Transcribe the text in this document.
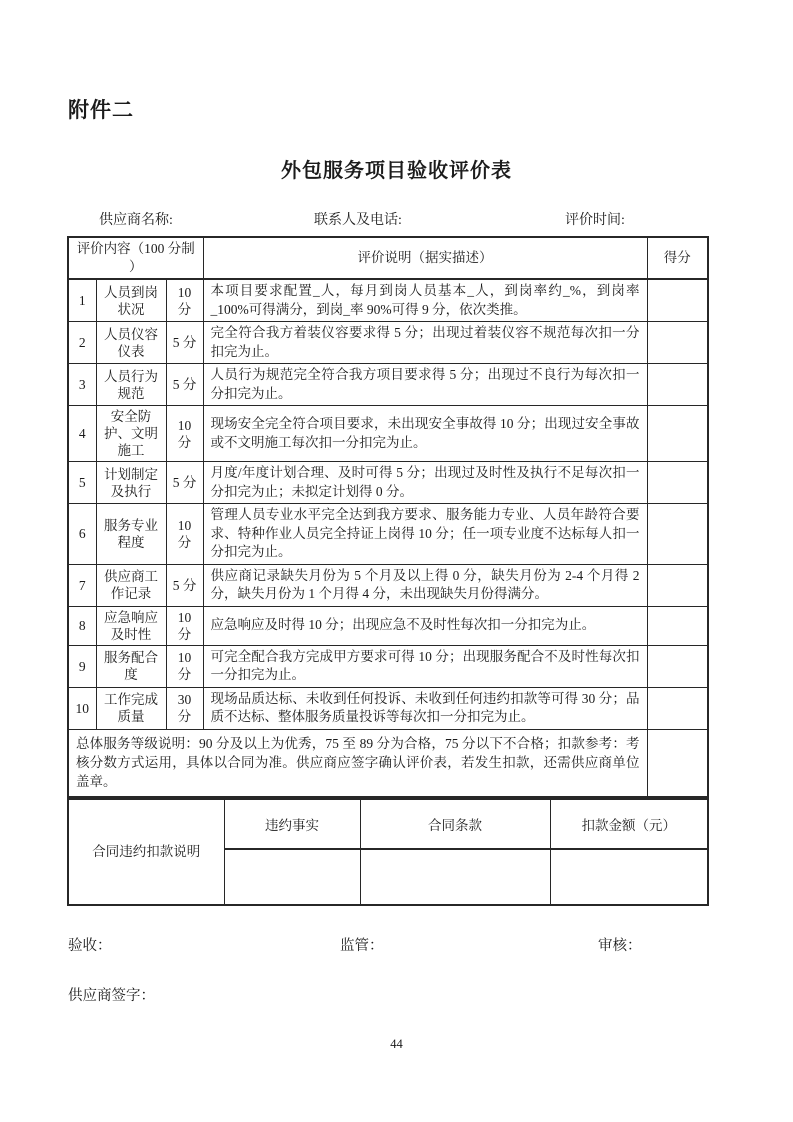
附件二
外包服务项目验收评价表
供应商名称:	联系人及电话:	评价时间:
评价内容（100 分制）			评价说明（据实描述）	得分
1	人员到岗状况	10 分	本项目要求配置_人，每月到岗人员基本_人，到岗率约_%，到岗率_100%可得满分，到岗_率 90%可得 9 分，依次类推。	
2	人员仪容仪表	5 分	完全符合我方着装仪容要求得 5 分；出现过着装仪容不规范每次扣一分扣完为止。	
3	人员行为规范	5 分	人员行为规范完全符合我方项目要求得 5 分；出现过不良行为每次扣一分扣完为止。	
4	安全防护、文明施工	10 分	现场安全完全符合项目要求，未出现安全事故得 10 分；出现过安全事故或不文明施工每次扣一分扣完为止。	
5	计划制定及执行	5 分	月度/年度计划合理、及时可得 5 分；出现过及时性及执行不足每次扣一分扣完为止；未拟定计划得 0 分。	
6	服务专业程度	10 分	管理人员专业水平完全达到我方要求、服务能力专业、人员年龄符合要求、特种作业人员完全持证上岗得 10 分；任一项专业度不达标每人扣一分扣完为止。	
7	供应商工作记录	5 分	供应商记录缺失月份为 5 个月及以上得 0 分，缺失月份为 2-4 个月得 2 分，缺失月份为 1 个月得 4 分，未出现缺失月份得满分。	
8	应急响应及时性	10 分	应急响应及时得 10 分；出现应急不及时性每次扣一分扣完为止。	
9	服务配合度	10 分	可完全配合我方完成甲方要求可得 10 分；出现服务配合不及时性每次扣一分扣完为止。	
10	工作完成质量	30 分	现场品质达标、未收到任何投诉、未收到任何违约扣款等可得 30 分；品质不达标、整体服务质量投诉等每次扣一分扣完为止。	
总体服务等级说明：90 分及以上为优秀，75 至 89 分为合格，75 分以下不合格；扣款参考：考核分数方式运用，具体以合同为准。供应商应签字确认评价表，若发生扣款，还需供应商单位盖章。				
合同违约扣款说明	违约事实	合同条款	扣款金额（元）

验收：	监管：	审核：
供应商签字：
44
